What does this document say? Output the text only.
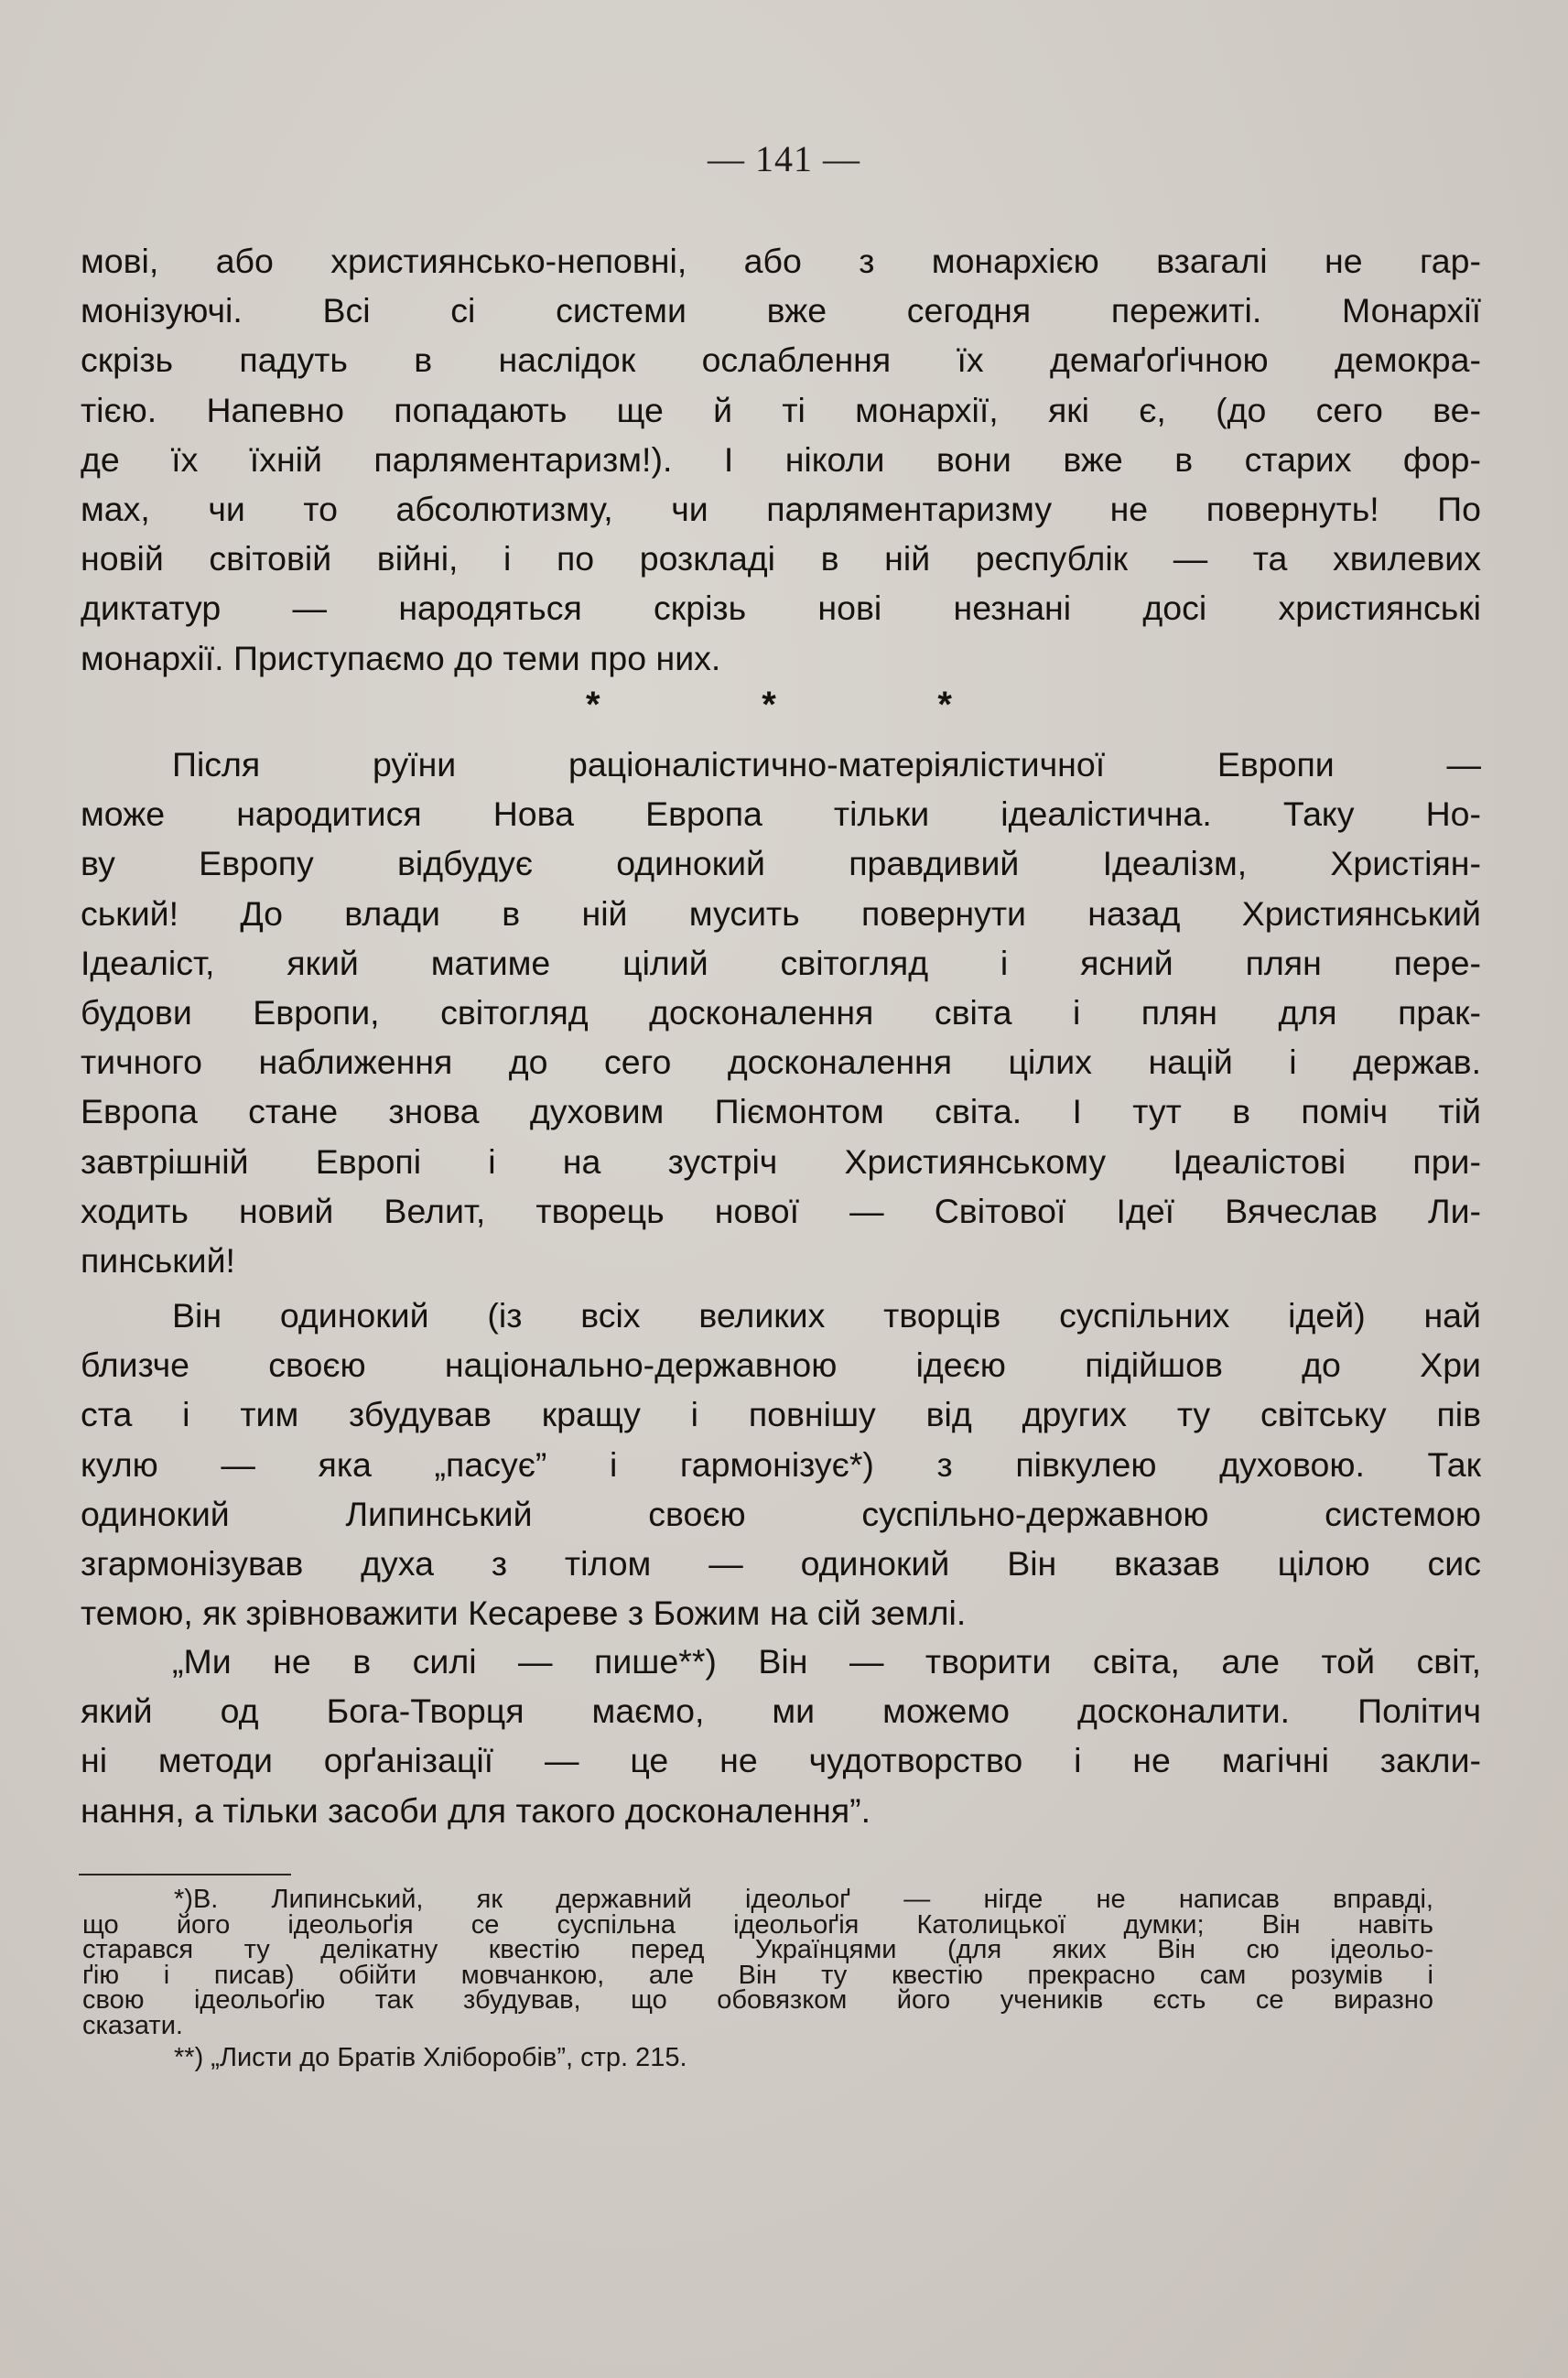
— 141 —
мові, або християнсько-неповні, або з монархією взагалі не гар-
монізуючі. Всі сі системи вже сегодня пережиті. Монархії
скрізь падуть в наслідок ослаблення їх демаґоґічною демокра-
тією. Напевно попадають ще й ті монархії, які є, (до сего ве-
де їх їхній парляментаризм!). І ніколи вони вже в старих фор-
мах, чи то абсолютизму, чи парляментаризму не повернуть! По
новій світовій війні, і по розкладі в ній республік — та хвилевих
диктатур — народяться скрізь нові незнані досі християнські
монархії. Приступаємо до теми про них.
*	*	*
Після руїни раціоналістично-матеріялістичної Европи —
може народитися Нова Европа тільки ідеалістична. Таку Но-
ву Европу відбудує одинокий правдивий Ідеалізм, Христіян-
ський! До влади в ній мусить повернути назад Християнський
Ідеаліст, який матиме цілий світогляд і ясний плян пере-
будови Европи, світогляд досконалення світа і плян для прак-
тичного наближення до сего досконалення цілих націй і держав.
Европа стане знова духовим Піємонтом світа. І тут в поміч тій
завтрішній Европі і на зустріч Християнському Ідеалістові при-
ходить новий Велит, творець нової — Світової Ідеї Вячеслав Ли-
пинський!
Він одинокий (із всіх великих творців суспільних ідей) най
близче своєю національно-державною ідеєю підійшов до Хри
ста і тим збудував кращу і повнішу від других ту світську пів
кулю — яка „пасує” і гармонізує*) з півкулею духовою. Так
одинокий Липинський своєю суспільно-державною системою
згармонізував духа з тілом — одинокий Він вказав цілою сис
темою, як зрівноважити Кесареве з Божим на сій землі.
„Ми не в силі — пише**) Він — творити світа, але той світ,
який од Бога-Творця маємо, ми можемо досконалити. Політич
ні методи орґанізації — це не чудотворство і не магічні закли-
нання, а тільки засоби для такого досконалення”.
*)В. Липинський, як державний ідеольоґ — нігде не написав вправді,
що його ідеольоґія се суспільна ідеольоґія Католицької думки; Він навіть
старався ту делікатну квестію перед Українцями (для яких Він сю ідеольо-
ґію і писав) обійти мовчанкою, але Він ту квестію прекрасно сам розумів і
свою ідеольоґію так збудував, що обовязком його учеників єсть се виразно
сказати.
**) „Листи до Братів Хліборобів”, стр. 215.
